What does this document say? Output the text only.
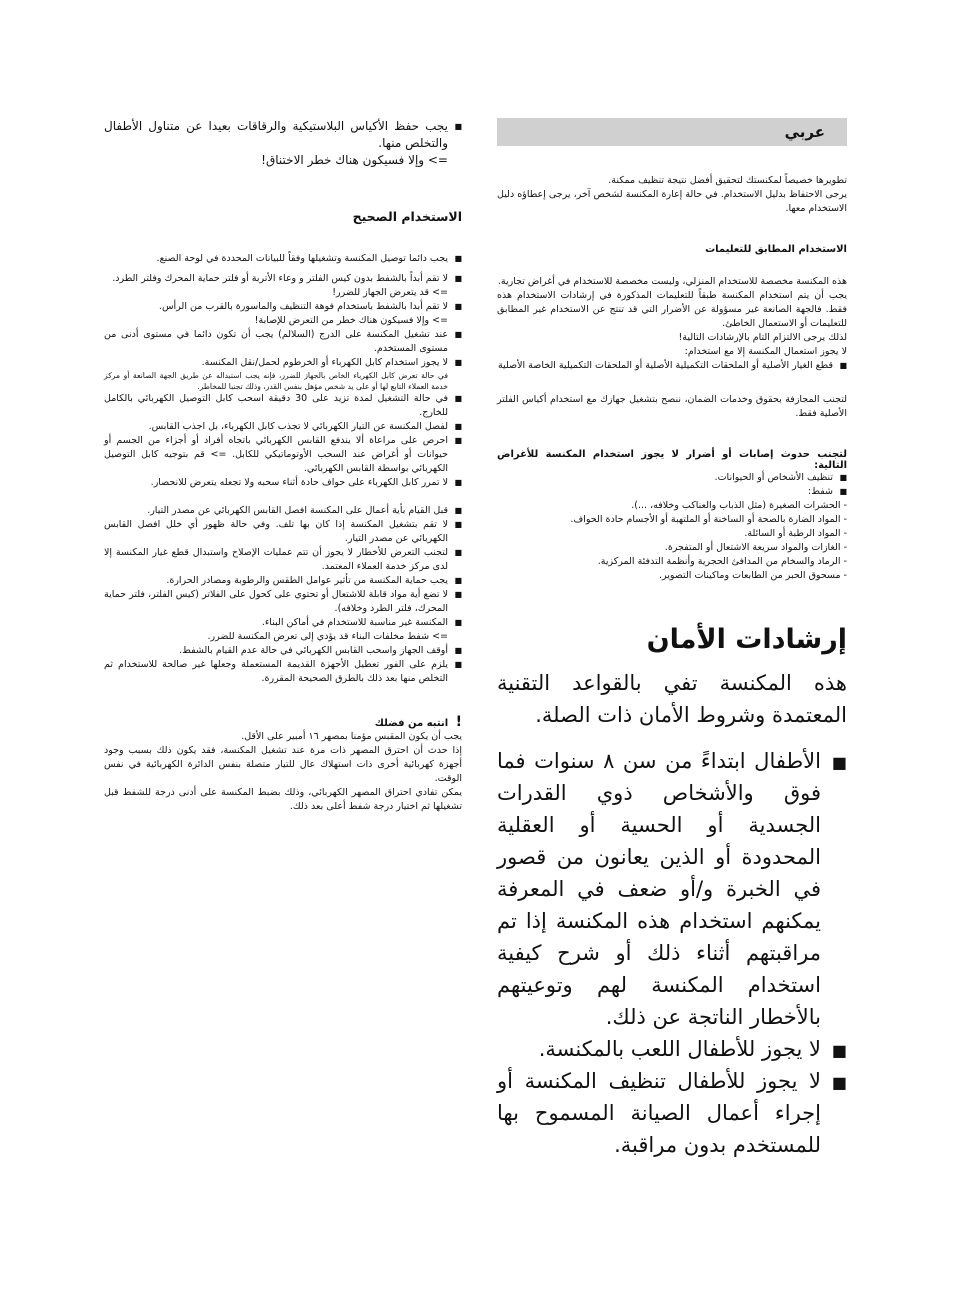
عربي

تطويرها خصيصاً لمكنستك لتحقيق أفضل نتيجة تنظيف ممكنة.

يرجى الاحتفاظ بدليل الاستخدام. في حالة إعارة المكنسة لشخص آخر، يرجى إعطاؤه دليل الاستخدام معها.

الاستخدام المطابق للتعليمات

هذه المكنسة مخصصة للاستخدام المنزلي، وليست مخصصة للاستخدام في أغراض تجارية.

يجب أن يتم استخدام المكنسة طبقاً للتعليمات المذكورة في إرشادات الاستخدام هذه فقط. فالجهة الصانعة غير مسؤولة عن الأضرار التي قد تنتج عن الاستخدام غير المطابق للتعليمات أو الاستعمال الخاطئ.

لذلك يرجى الالتزام التام بالإرشادات التالية!

لا يجوز استعمال المكنسة إلا مع استخدام:

■
قطع الغيار الأصلية أو الملحقات التكميلية الأصلية أو الملحقات التكميلية الخاصة الأصلية

لتجنب المجازفة بحقوق وخدمات الضمان، ننصح بتشغيل جهازك مع استخدام أكياس الفلتر الأصلية فقط.

لتجنب حدوث إصابات أو أضرار لا يجوز استخدام المكنسة للأغراض التالية:

■
تنظيف الأشخاص أو الحيوانات.
■
شفط:
- الحشرات الصغيرة (مثل الذباب والعناكب وخلافه، ...).
- المواد الضارة بالصحة أو الساخنة أو الملتهبة أو الأجسام حادة الحواف.
- المواد الرطبة أو السائلة.
- الغازات والمواد سريعة الاشتعال أو المتفجرة.
- الرماد والسخام من المدافئ الحجرية وأنظمة التدفئة المركزية.
- مسحوق الحبر من الطابعات وماكينات التصوير.

إرشادات الأمان

هذه المكنسة تفي بالقواعد التقنية المعتمدة وشروط الأمان ذات الصلة.

■
الأطفال ابتداءً من سن ٨ سنوات فما فوق والأشخاص ذوي القدرات الجسدية أو الحسية أو العقلية المحدودة أو الذين يعانون من قصور في الخبرة و/أو ضعف في المعرفة يمكنهم استخدام هذه المكنسة إذا تم مراقبتهم أثناء ذلك أو شرح كيفية استخدام المكنسة لهم وتوعيتهم بالأخطار الناتجة عن ذلك.
■
لا يجوز للأطفال اللعب بالمكنسة.
■
لا يجوز للأطفال تنظيف المكنسة أو إجراء أعمال الصيانة المسموح بها للمستخدم بدون مراقبة.
■
يجب حفظ الأكياس البلاستيكية والرقاقات بعيدا عن متناول الأطفال والتخلص منها.
=> وإلا فسيكون هناك خطر الاختناق!

الاستخدام الصحيح

■
يجب دائما توصيل المكنسة وتشغيلها وفقاً للبيانات المحددة في لوحة الصنع.
■
لا تقم أبداً بالشفط بدون كيس الفلتر و وعاء الأتربة أو فلتر حماية المحرك وفلتر الطرد.
=> قد يتعرض الجهاز للضرر!
■
لا تقم أبدا بالشفط باستخدام فوهة التنظيف والماسورة بالقرب من الرأس.
=> وإلا فسيكون هناك خطر من التعرض للإصابة!
■
عند تشغيل المكنسة على الدرج (السلالم) يجب أن تكون دائما في مستوى أدنى من مستوى المستخدم.
■
لا يجوز استخدام كابل الكهرباء أو الخرطوم لحمل/نقل المكنسة.
في حالة تعرض كابل الكهرباء الخاص بالجهاز للضرر، فإنه يجب استبداله عن طريق الجهة الصانعة أو مركز خدمة العملاء التابع لها أو على يد شخص مؤهل بنفس القدر، وذلك تجنبا للمخاطر.
■
في حالة التشغيل لمدة تزيد على 30 دقيقة اسحب كابل التوصيل الكهربائي بالكامل للخارج.
■
لفصل المكنسة عن التيار الكهربائي لا تجذب كابل الكهرباء، بل اجذب القابس.
■
احرص على مراعاة ألا يندفع القابس الكهربائي باتجاه أفراد أو أجزاء من الجسم أو حيوانات أو أغراض عند السحب الأوتوماتيكي للكابل. => قم بتوجيه كابل التوصيل الكهربائي بواسطة القابس الكهربائي.
■
لا تمرر كابل الكهرباء على حواف حادة أثناء سحبه ولا تجعله يتعرض للانحصار.
■
قبل القيام بأية أعمال على المكنسة افصل القابس الكهربائي عن مصدر التيار.
■
لا تقم بتشغيل المكنسة إذا كان بها تلف. وفي حالة ظهور أي خلل افصل القابس الكهربائي عن مصدر التيار.
■
لتجنب التعرض للأخطار لا يجوز أن تتم عمليات الإصلاح واستبدال قطع غيار المكنسة إلا لدى مركز خدمة العملاء المعتمد.
■
يجب حماية المكنسة من تأثير عوامل الطقس والرطوبة ومصادر الحرارة.
■
لا تضع أية مواد قابلة للاشتعال أو تحتوي على كحول على الفلاتر (كيس الفلتر، فلتر حماية المحرك، فلتر الطرد وخلافه).
■
المكنسة غير مناسبة للاستخدام في أماكن البناء.
=> شفط مخلفات البناء قد يؤدي إلى تعرض المكنسة للضرر.
■
أوقف الجهاز واسحب القابس الكهربائي في حالة عدم القيام بالشفط.
■
يلزم على الفور تعطيل الأجهزة القديمة المستعملة وجعلها غير صالحة للاستخدام ثم التخلص منها بعد ذلك بالطرق الصحيحة المقررة.

! انتبه من فضلك

يجب أن يكون المقبس مؤمنا بمصهر ١٦ أمبير على الأقل.

إذا حدث أن احترق المصهر ذات مرة عند تشغيل المكنسة، فقد يكون ذلك بسبب وجود أجهزة كهربائية أخرى ذات استهلاك عال للتيار متصلة بنفس الدائرة الكهربائية في نفس الوقت.

يمكن تفادي احتراق المصهر الكهربائي، وذلك بضبط المكنسة على أدنى درجة للشفط قبل تشغيلها ثم اختيار درجة شفط أعلى بعد ذلك.
